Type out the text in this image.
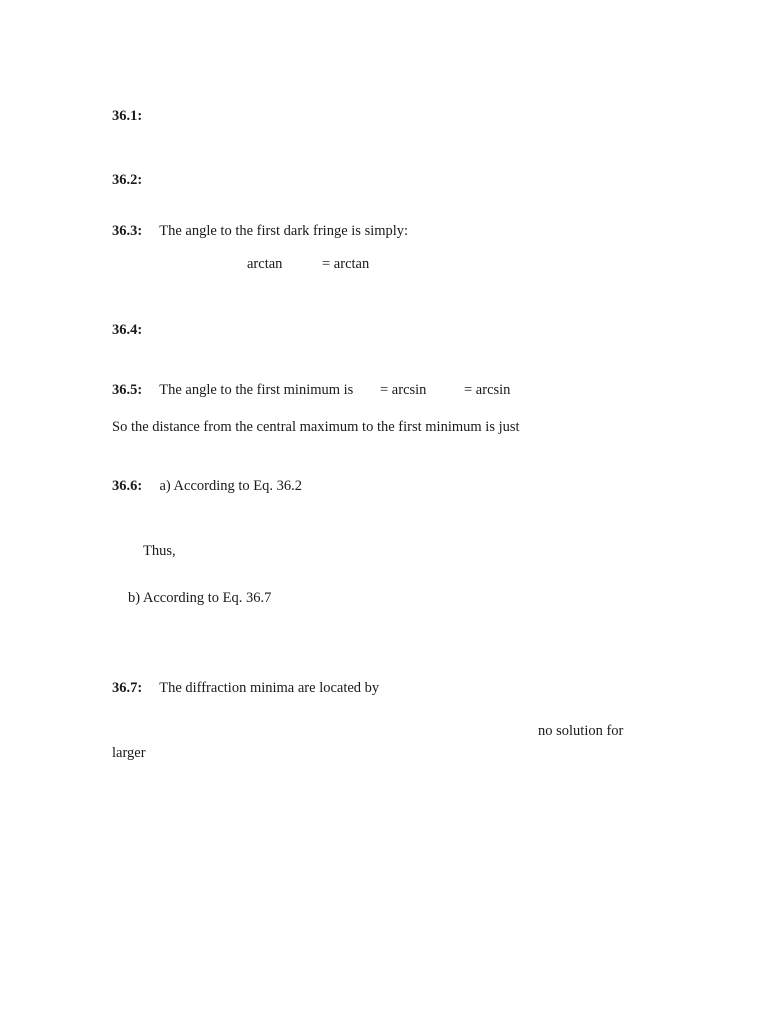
36.1:
36.2:
36.3: The angle to the first dark fringe is simply:
arctan	= arctan
36.4:
36.5: The angle to the first minimum is = arcsin	= arcsin
So the distance from the central maximum to the first minimum is just
36.6: a) According to Eq. 36.2
Thus,
b) According to Eq. 36.7
36.7: The diffraction minima are located by
no solution for
larger
